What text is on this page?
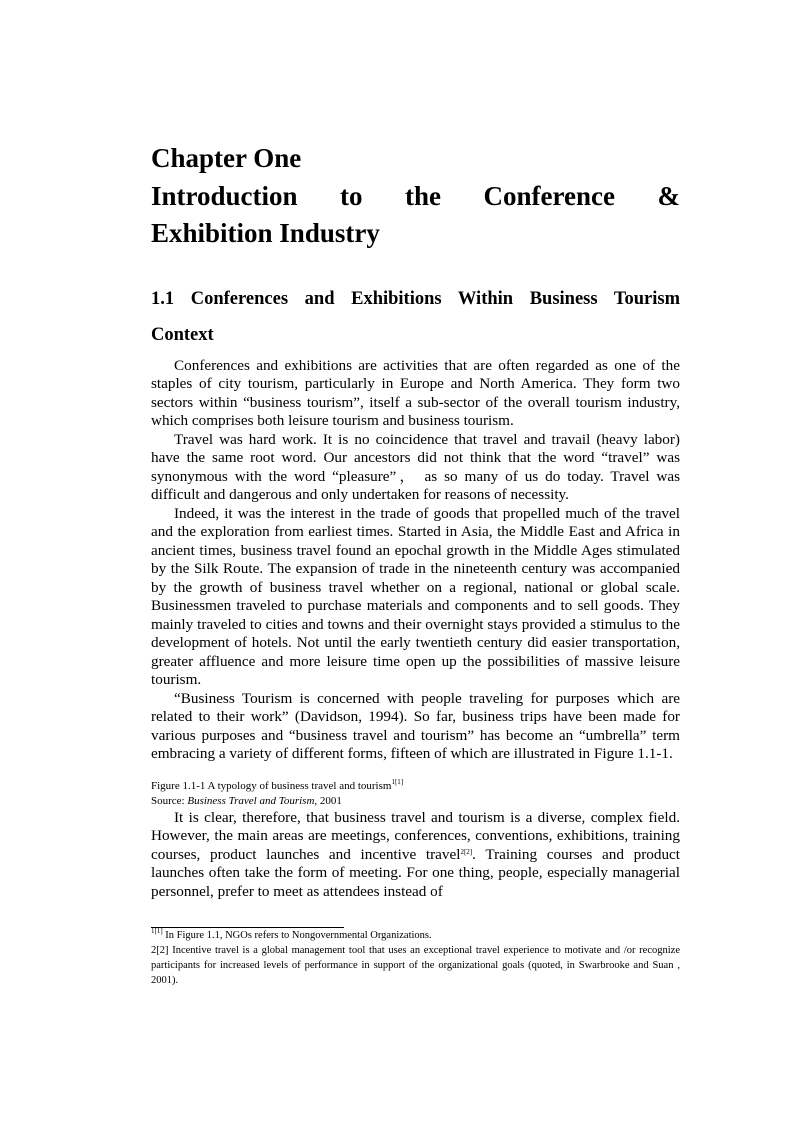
Chapter One
Introduction to the Conference &
Exhibition Industry
1.1 Conferences and Exhibitions Within Business Tourism
Context

Conferences and exhibitions are activities that are often regarded as one of the staples of city tourism, particularly in Europe and North America. They form two sectors within “business tourism”, itself a sub-sector of the overall tourism industry, which comprises both leisure tourism and business tourism.

Travel was hard work. It is no coincidence that travel and travail (heavy labor) have the same root word. Our ancestors did not think that the word “travel” was synonymous with the word “pleasure”， as so many of us do today. Travel was difficult and dangerous and only undertaken for reasons of necessity.

Indeed, it was the interest in the trade of goods that propelled much of the travel and the exploration from earliest times. Started in Asia, the Middle East and Africa in ancient times, business travel found an epochal growth in the Middle Ages stimulated by the Silk Route. The expansion of trade in the nineteenth century was accompanied by the growth of business travel whether on a regional, national or global scale. Businessmen traveled to purchase materials and components and to sell goods. They mainly traveled to cities and towns and their overnight stays provided a stimulus to the development of hotels. Not until the early twentieth century did easier transportation, greater affluence and more leisure time open up the possibilities of massive leisure tourism.

“Business Tourism is concerned with people traveling for purposes which are related to their work” (Davidson, 1994). So far, business trips have been made for various purposes and “business travel and tourism” has become an “umbrella” term embracing a variety of different forms, fifteen of which are illustrated in Figure 1.1-1.

Figure 1.1-1 A typology of business travel and tourism$^{1[1]}$

Source: Business Travel and Tourism, 2001

It is clear, therefore, that business travel and tourism is a diverse, complex field. However, the main areas are meetings, conferences, conventions, exhibitions, training courses, product launches and incentive travel$^{2[2]}$. Training courses and product launches often take the form of meeting. For one thing, people, especially managerial personnel, prefer to meet as attendees instead of

$^{1[1]}$ In Figure 1.1, NGOs refers to Nongovernmental Organizations.

2[2] Incentive travel is a global management tool that uses an exceptional travel experience to motivate and /or recognize participants for increased levels of performance in support of the organizational goals (quoted, in Swarbrooke and Suan , 2001).
